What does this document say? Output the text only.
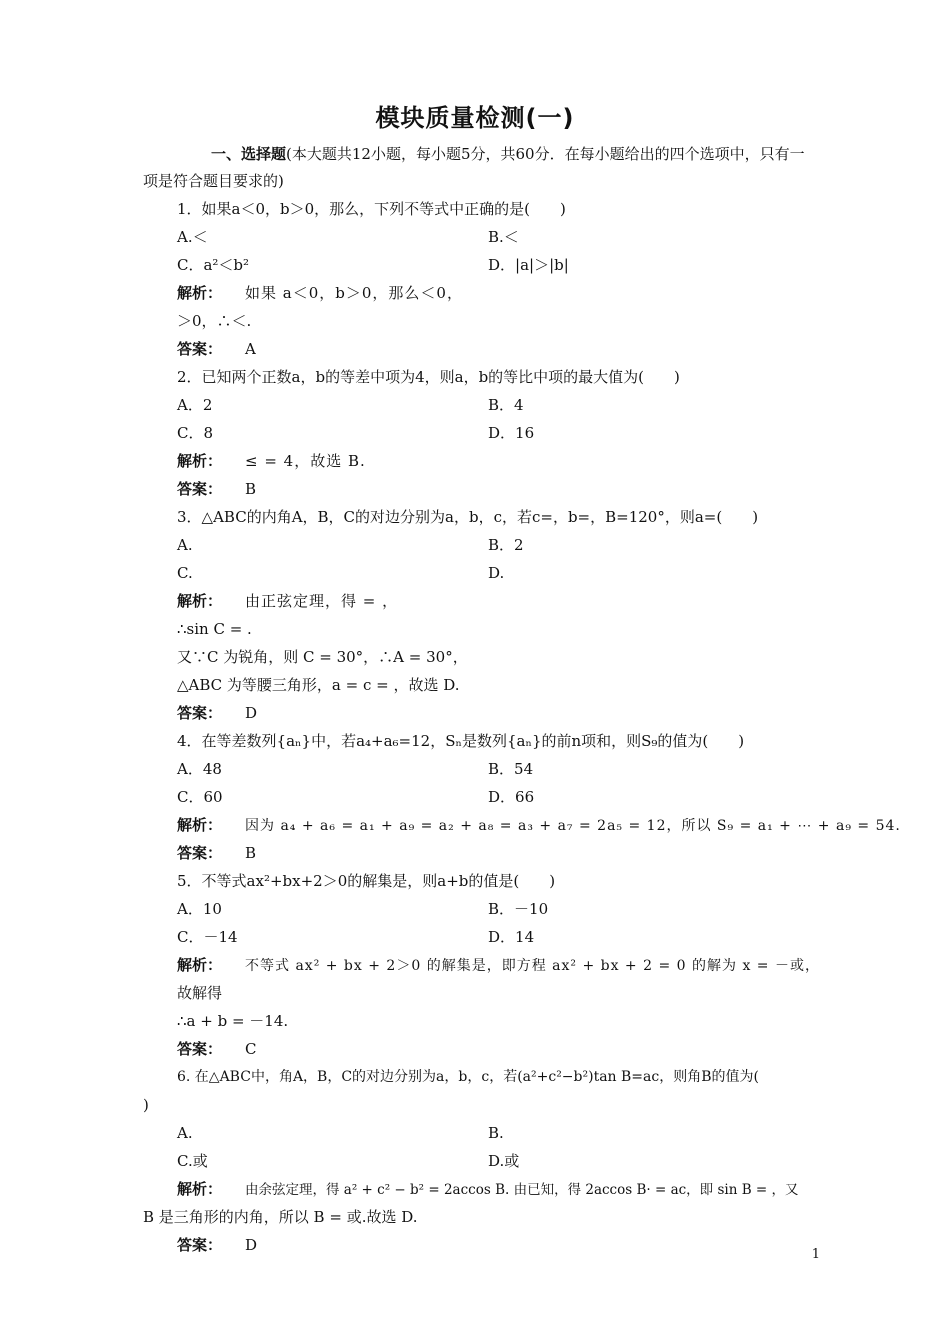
模块质量检测(一)
一、选择题(本大题共12小题，每小题5分，共60分．在每小题给出的四个选项中，只有一项是符合题目要求的)
1．如果a＜0，b＞0，那么，下列不等式中正确的是(　　)
A.＜	B.＜
C．a²＜b²	D．|a|＞|b|
解析： 如果 a＜0，b＞0，那么＜0，
＞0，∴＜.
答案： A
2．已知两个正数a，b的等差中项为4，则a，b的等比中项的最大值为(　　)
A．2	B．4
C．8	D．16
解析： ≤ = 4，故选 B.
答案： B
3．△ABC的内角A，B，C的对边分别为a，b，c，若c=，b=，B=120°，则a=(　　)
A.	B．2
C.	D.
解析： 由正弦定理，得 = ，
∴sin C = .
又∵C 为锐角，则 C = 30°，∴A = 30°，
△ABC 为等腰三角形，a = c = ，故选 D.
答案： D
4．在等差数列{aₙ}中，若a₄+a₆=12，Sₙ是数列{aₙ}的前n项和，则S₉的值为(　　)
A．48	B．54
C．60	D．66
解析： 因为 a₄ + a₆ = a₁ + a₉ = a₂ + a₈ = a₃ + a₇ = 2a₅ = 12，所以 S₉ = a₁ + ⋯ + a₉ = 54.
答案： B
5．不等式ax²+bx+2＞0的解集是，则a+b的值是(　　)
A．10	B．－10
C．－14	D．14
解析： 不等式 ax² + bx + 2＞0 的解集是，即方程 ax² + bx + 2 = 0 的解为 x = －或，
故解得
∴a + b = －14.
答案： C
6. 在△ABC中，角A，B，C的对边分别为a，b，c，若(a²+c²−b²)tan B=ac，则角B的值为(
)
A.	B.
C.或	D.或
解析： 由余弦定理，得 a² + c² − b² = 2accos B. 由已知，得 2accos B· = ac，即 sin B = ，又
B 是三角形的内角，所以 B = 或.故选 D.
答案： D
1
